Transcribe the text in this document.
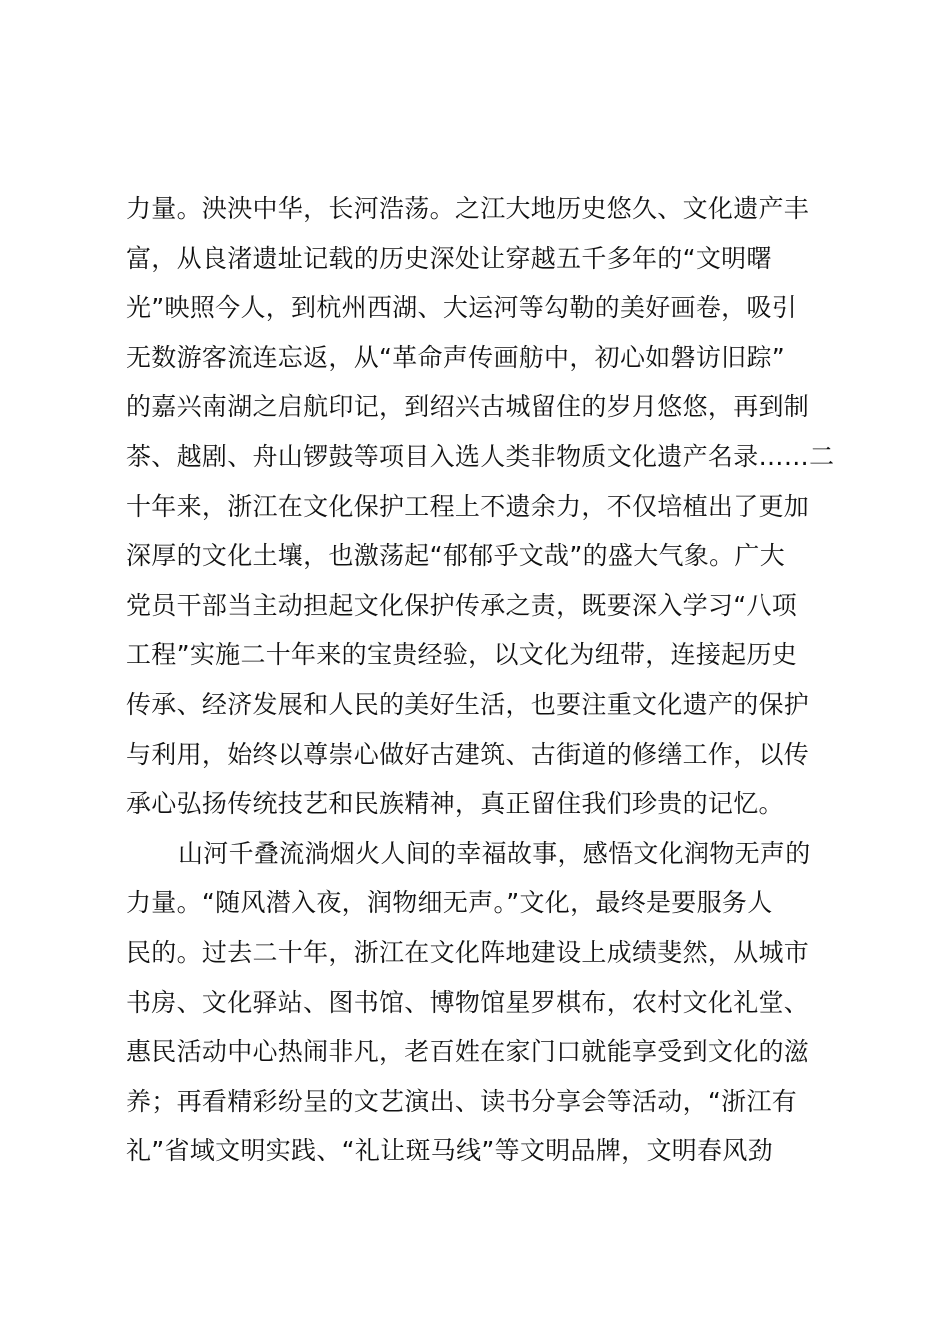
力量。泱泱中华，长河浩荡。之江大地历史悠久、文化遗产丰
富，从良渚遗址记载的历史深处让穿越五千多年的“文明曙
光”映照今人，到杭州西湖、大运河等勾勒的美好画卷，吸引
无数游客流连忘返，从“革命声传画舫中，初心如磐访旧踪”
的嘉兴南湖之启航印记，到绍兴古城留住的岁月悠悠，再到制
茶、越剧、舟山锣鼓等项目入选人类非物质文化遗产名录……二
十年来，浙江在文化保护工程上不遗余力，不仅培植出了更加
深厚的文化土壤，也激荡起“郁郁乎文哉”的盛大气象。广大
党员干部当主动担起文化保护传承之责，既要深入学习“八项
工程”实施二十年来的宝贵经验，以文化为纽带，连接起历史
传承、经济发展和人民的美好生活，也要注重文化遗产的保护
与利用，始终以尊崇心做好古建筑、古街道的修缮工作，以传
承心弘扬传统技艺和民族精神，真正留住我们珍贵的记忆。
山河千叠流淌烟火人间的幸福故事，感悟文化润物无声的
力量。“随风潜入夜，润物细无声。”文化，最终是要服务人
民的。过去二十年，浙江在文化阵地建设上成绩斐然，从城市
书房、文化驿站、图书馆、博物馆星罗棋布，农村文化礼堂、
惠民活动中心热闹非凡，老百姓在家门口就能享受到文化的滋
养；再看精彩纷呈的文艺演出、读书分享会等活动，“浙江有
礼”省域文明实践、“礼让斑马线”等文明品牌，文明春风劲
